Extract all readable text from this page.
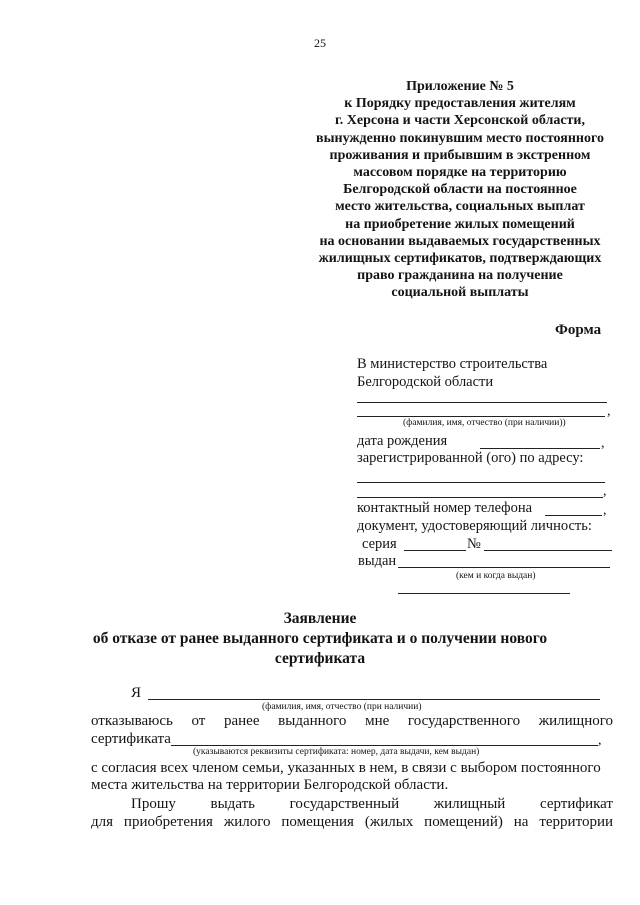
25
Приложение № 5
к Порядку предоставления жителям
г. Херсона и части Херсонской области,
вынужденно покинувшим место постоянного
проживания и прибывшим в экстренном
массовом порядке на территорию
Белгородской области на постоянное
место жительства, социальных выплат
на приобретение жилых помещений
на основании выдаваемых государственных
жилищных сертификатов, подтверждающих
право гражданина на получение
социальной выплаты
Форма
В министерство строительства
Белгородской области
,
(фамилия, имя, отчество (при наличии))
дата рождения	,
зарегистрированной (ого) по адресу:
,
контактный номер телефона	,
документ, удостоверяющий личность:
серия	№
выдан
(кем и когда выдан)
Заявление
об отказе от ранее выданного сертификата и о получении нового
сертификата
Я
(фамилия, имя, отчество (при наличии)
отказываюсь от ранее выданного мне государственного жилищного
сертификата	,
(указываются реквизиты сертификата: номер, дата выдачи, кем выдан)
с согласия всех членом семьи, указанных в нем, в связи с выбором постоянного
места жительства на территории Белгородской области.
Прошу выдать государственный жилищный сертификат
для приобретения жилого помещения (жилых помещений) на территории
